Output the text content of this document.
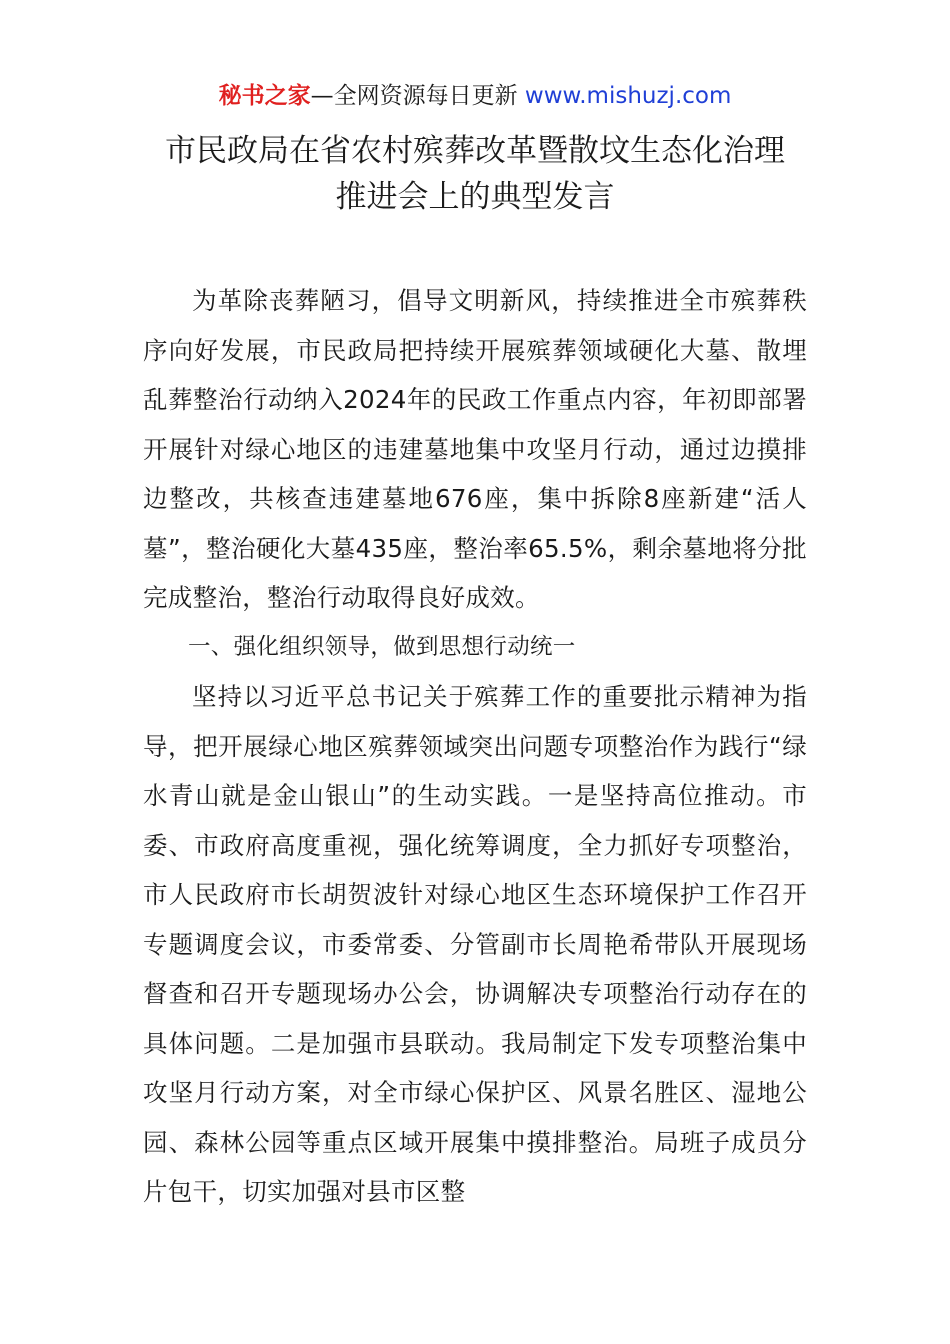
秘书之家—全网资源每日更新 www.mishuzj.com
市民政局在省农村殡葬改革暨散坟生态化治理
推进会上的典型发言

为革除丧葬陋习，倡导文明新风，持续推进全市殡葬秩序向好发展，市民政局把持续开展殡葬领域硬化大墓、散埋乱葬整治行动纳入2024年的民政工作重点内容，年初即部署开展针对绿心地区的违建墓地集中攻坚月行动，通过边摸排边整改，共核查违建墓地676座，集中拆除8座新建“活人墓”，整治硬化大墓435座，整治率65.5%，剩余墓地将分批完成整治，整治行动取得良好成效。

一、强化组织领导，做到思想行动统一

坚持以习近平总书记关于殡葬工作的重要批示精神为指导，把开展绿心地区殡葬领域突出问题专项整治作为践行“绿水青山就是金山银山”的生动实践。一是坚持高位推动。市委、市政府高度重视，强化统筹调度，全力抓好专项整治，市人民政府市长胡贺波针对绿心地区生态环境保护工作召开专题调度会议，市委常委、分管副市长周艳希带队开展现场督查和召开专题现场办公会，协调解决专项整治行动存在的具体问题。二是加强市县联动。我局制定下发专项整治集中攻坚月行动方案，对全市绿心保护区、风景名胜区、湿地公园、森林公园等重点区域开展集中摸排整治。局班子成员分片包干，切实加强对县市区整
